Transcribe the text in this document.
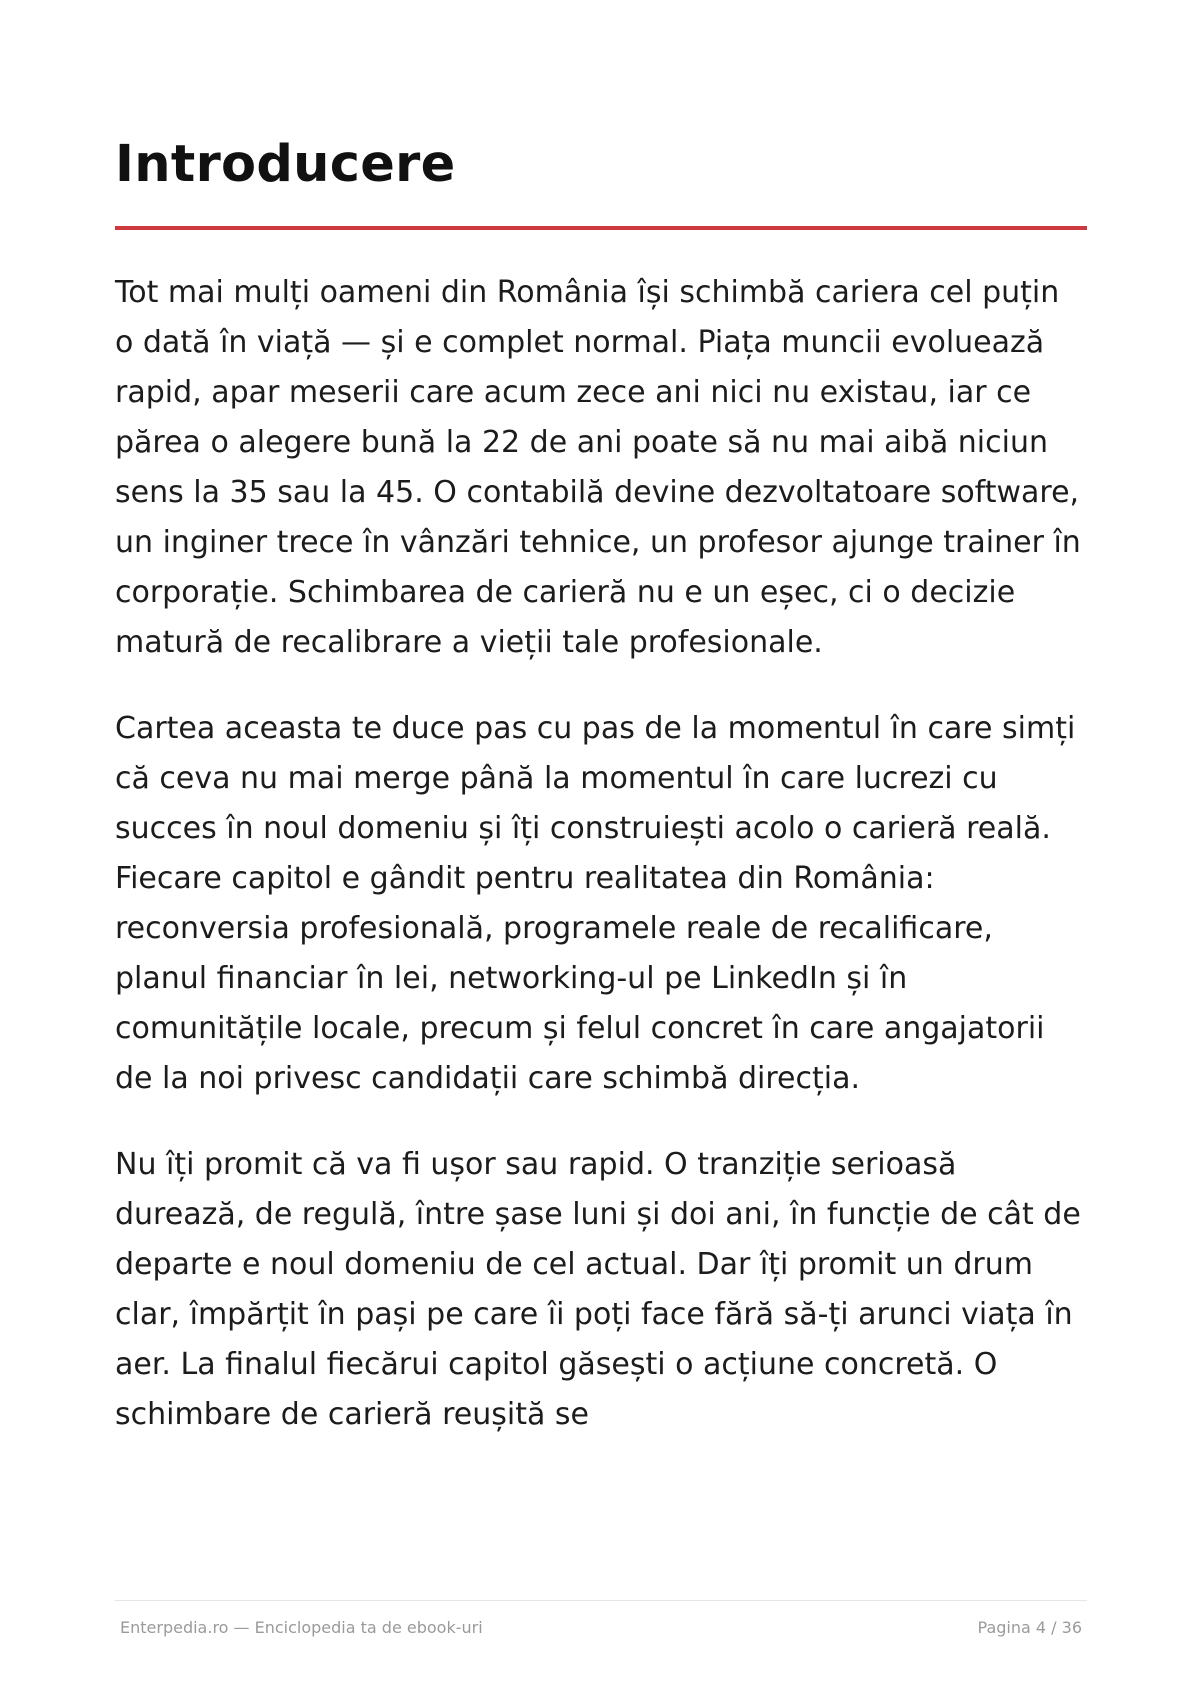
Introducere

Tot mai mulți oameni din România își schimbă cariera cel puțin o dată în viață — și e complet normal. Piața muncii evoluează rapid, apar meserii care acum zece ani nici nu existau, iar ce părea o alegere bună la 22 de ani poate să nu mai aibă niciun sens la 35 sau la 45. O contabilă devine dezvoltatoare software, un inginer trece în vânzări tehnice, un profesor ajunge trainer în corporație. Schimbarea de carieră nu e un eșec, ci o decizie matură de recalibrare a vieții tale profesionale.

Cartea aceasta te duce pas cu pas de la momentul în care simți că ceva nu mai merge până la momentul în care lucrezi cu succes în noul domeniu și îți construiești acolo o carieră reală. Fiecare capitol e gândit pentru realitatea din România: reconversia profesională, programele reale de recalificare, planul financiar în lei, networking-ul pe LinkedIn și în comunitățile locale, precum și felul concret în care angajatorii de la noi privesc candidații care schimbă direcția.

Nu îți promit că va fi ușor sau rapid. O tranziție serioasă durează, de regulă, între șase luni și doi ani, în funcție de cât de departe e noul domeniu de cel actual. Dar îți promit un drum clar, împărțit în pași pe care îi poți face fără să-ți arunci viața în aer. La finalul fiecărui capitol găsești o acțiune concretă. O schimbare de carieră reușită se

Enterpedia.ro — Enciclopedia ta de ebook-uri	Pagina 4 / 36
